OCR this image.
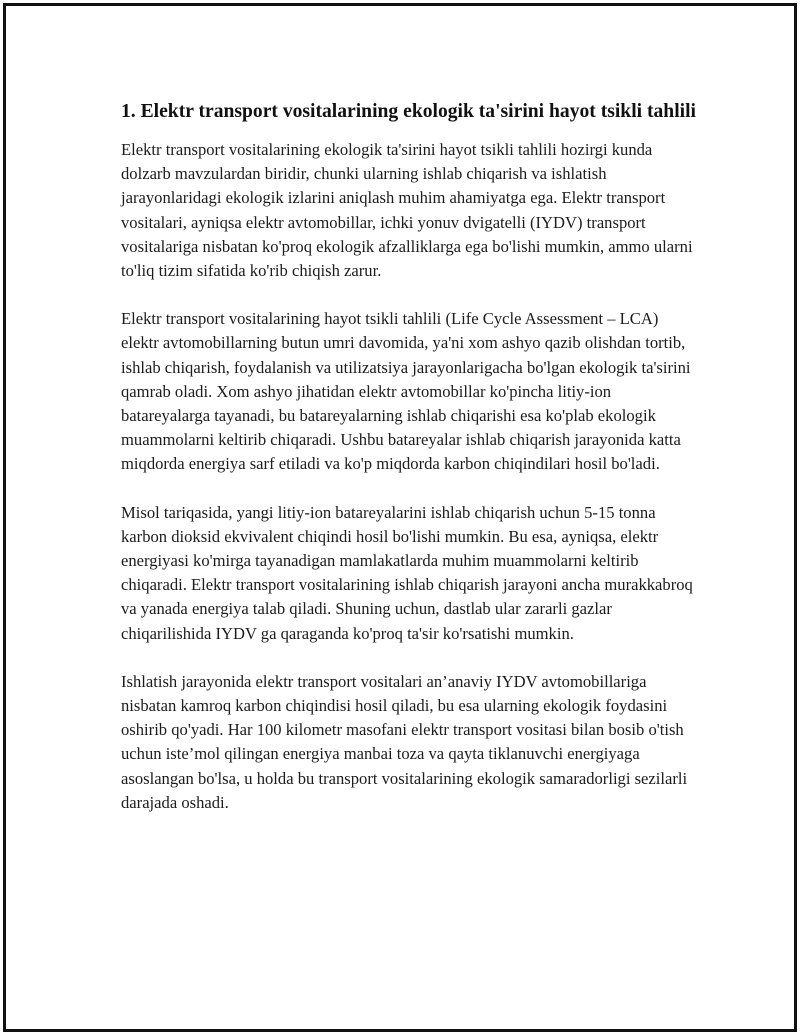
1. Elektr transport vositalarining ekologik ta'sirini hayot tsikli tahlili

Elektr transport vositalarining ekologik ta'sirini hayot tsikli tahlili hozirgi kunda dolzarb mavzulardan biridir, chunki ularning ishlab chiqarish va ishlatish jarayonlaridagi ekologik izlarini aniqlash muhim ahamiyatga ega. Elektr transport vositalari, ayniqsa elektr avtomobillar, ichki yonuv dvigatelli (IYDV) transport vositalariga nisbatan ko'proq ekologik afzalliklarga ega bo'lishi mumkin, ammo ularni to'liq tizim sifatida ko'rib chiqish zarur.

Elektr transport vositalarining hayot tsikli tahlili (Life Cycle Assessment – LCA) elektr avtomobillarning butun umri davomida, ya'ni xom ashyo qazib olishdan tortib, ishlab chiqarish, foydalanish va utilizatsiya jarayonlarigacha bo'lgan ekologik ta'sirini qamrab oladi. Xom ashyo jihatidan elektr avtomobillar ko'pincha litiy-ion batareyalarga tayanadi, bu batareyalarning ishlab chiqarishi esa ko'plab ekologik muammolarni keltirib chiqaradi. Ushbu batareyalar ishlab chiqarish jarayonida katta miqdorda energiya sarf etiladi va ko'p miqdorda karbon chiqindilari hosil bo'ladi.

Misol tariqasida, yangi litiy-ion batareyalarini ishlab chiqarish uchun 5-15 tonna karbon dioksid ekvivalent chiqindi hosil bo'lishi mumkin. Bu esa, ayniqsa, elektr energiyasi ko'mirga tayanadigan mamlakatlarda muhim muammolarni keltirib chiqaradi. Elektr transport vositalarining ishlab chiqarish jarayoni ancha murakkabroq va yanada energiya talab qiladi. Shuning uchun, dastlab ular zararli gazlar chiqarilishida IYDV ga qaraganda ko'proq ta'sir ko'rsatishi mumkin.

Ishlatish jarayonida elektr transport vositalari an’anaviy IYDV avtomobillariga nisbatan kamroq karbon chiqindisi hosil qiladi, bu esa ularning ekologik foydasini oshirib qo'yadi. Har 100 kilometr masofani elektr transport vositasi bilan bosib o'tish uchun iste’mol qilingan energiya manbai toza va qayta tiklanuvchi energiyaga asoslangan bo'lsa, u holda bu transport vositalarining ekologik samaradorligi sezilarli darajada oshadi.
